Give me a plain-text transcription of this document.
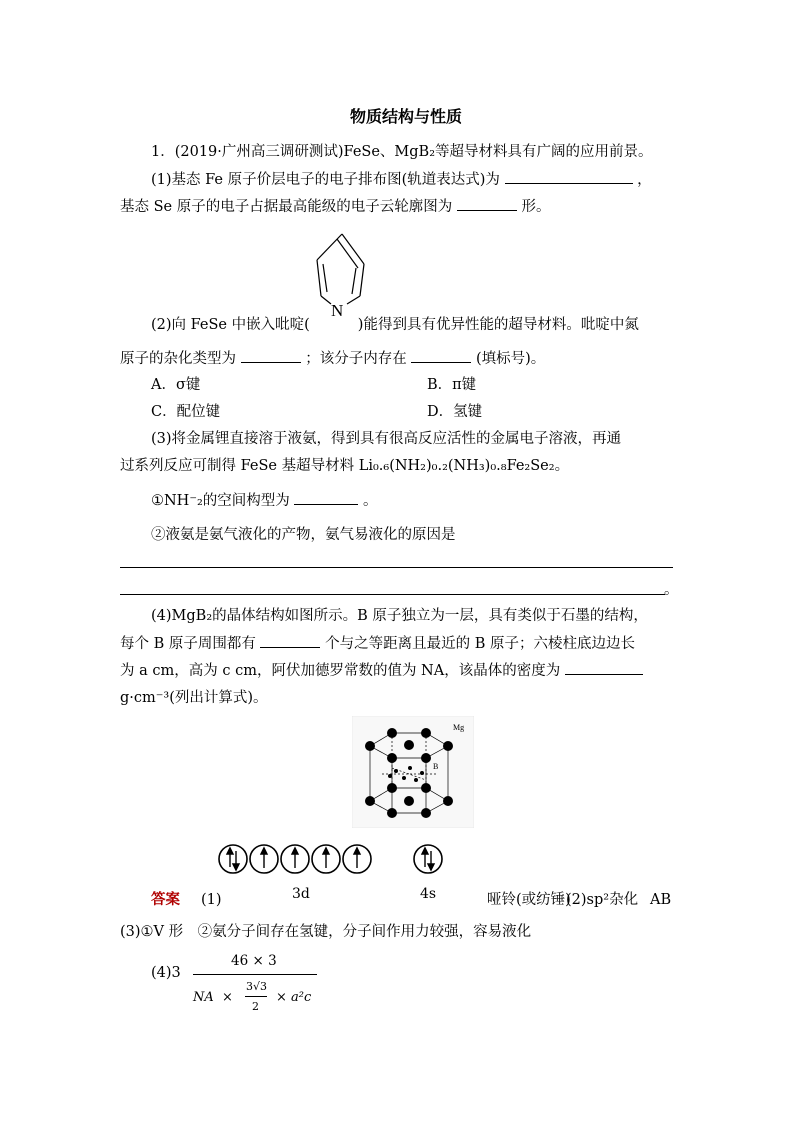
物质结构与性质
1．(2019·广州高三调研测试)FeSe、MgB₂等超导材料具有广阔的应用前景。
(1)基态 Fe 原子价层电子的电子排布图(轨道表达式)为	，
基态 Se 原子的电子占据最高能级的电子云轮廓图为	形。
N
(2)向 FeSe 中嵌入吡啶(	)能得到具有优异性能的超导材料。吡啶中氮
原子的杂化类型为	；该分子内存在	(填标号)。
A．σ键	B．π键
C．配位键	D．氢键
(3)将金属锂直接溶于液氨，得到具有很高反应活性的金属电子溶液，再通
过系列反应可制得 FeSe 基超导材料 Li₀.₆(NH₂)₀.₂(NH₃)₀.₈Fe₂Se₂。
①NH⁻₂的空间构型为	。
②液氨是氨气液化的产物，氨气易液化的原因是
。
(4)MgB₂的晶体结构如图所示。B 原子独立为一层，具有类似于石墨的结构，
每个 B 原子周围都有	个与之等距离且最近的 B 原子；六棱柱底边边长
为 a cm，高为 c cm，阿伏加德罗常数的值为 NA，该晶体的密度为
g·cm⁻³(列出计算式)。
Mg
B
答案 (1)	3d	4s	哑铃(或纺锤)
(2)sp²杂化 AB
(3)①V 形　②氨分子间存在氢键，分子间作用力较强，容易液化
(4)3
46 × 3
NA ×
3√3
2
× a²c
